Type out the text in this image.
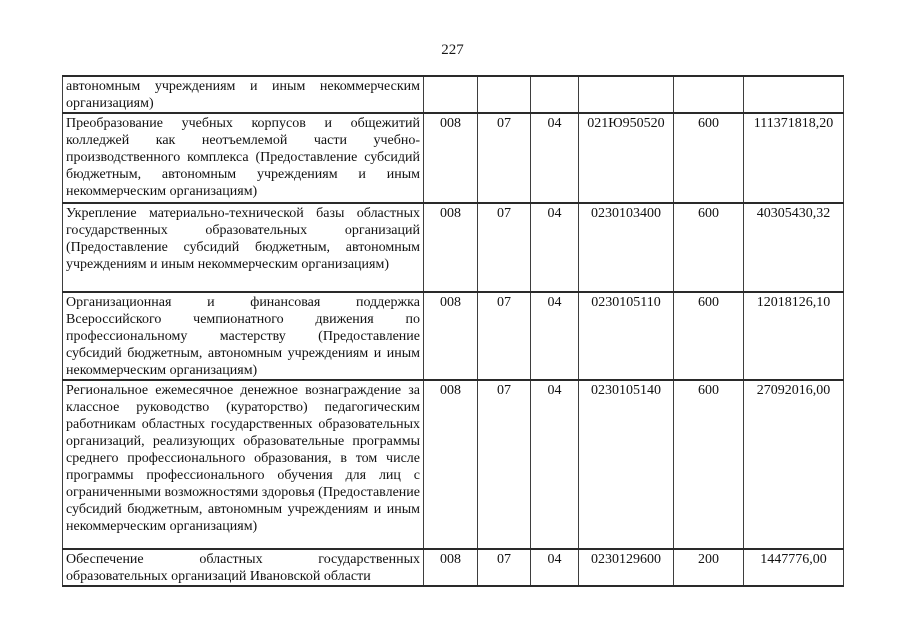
227
автономным учреждениям и иным некоммерческим организациям)						
Преобразование учебных корпусов и общежитий колледжей как неотъемлемой части учебно-производственного комплекса (Предоставление субсидий бюджетным, автономным учреждениям и иным некоммерческим организациям)	008	07	04	021Ю950520	600	111371818,20
Укрепление материально-технической базы областных государственных образовательных организаций (Предоставление субсидий бюджетным, автономным учреждениям и иным некоммерческим организациям)	008	07	04	0230103400	600	40305430,32
Организационная и финансовая поддержка Всероссийского чемпионатного движения по профессиональному мастерству (Предоставление субсидий бюджетным, автономным учреждениям и иным некоммерческим организациям)	008	07	04	0230105110	600	12018126,10
Региональное ежемесячное денежное вознаграждение за классное руководство (кураторство) педагогическим работникам областных государственных образовательных организаций, реализующих образовательные программы среднего профессионального образования, в том числе программы профессионального обучения для лиц с ограниченными возможностями здоровья (Предоставление субсидий бюджетным, автономным учреждениям и иным некоммерческим организациям)	008	07	04	0230105140	600	27092016,00
Обеспечение областных государственных образовательных организаций Ивановской области	008	07	04	0230129600	200	1447776,00
